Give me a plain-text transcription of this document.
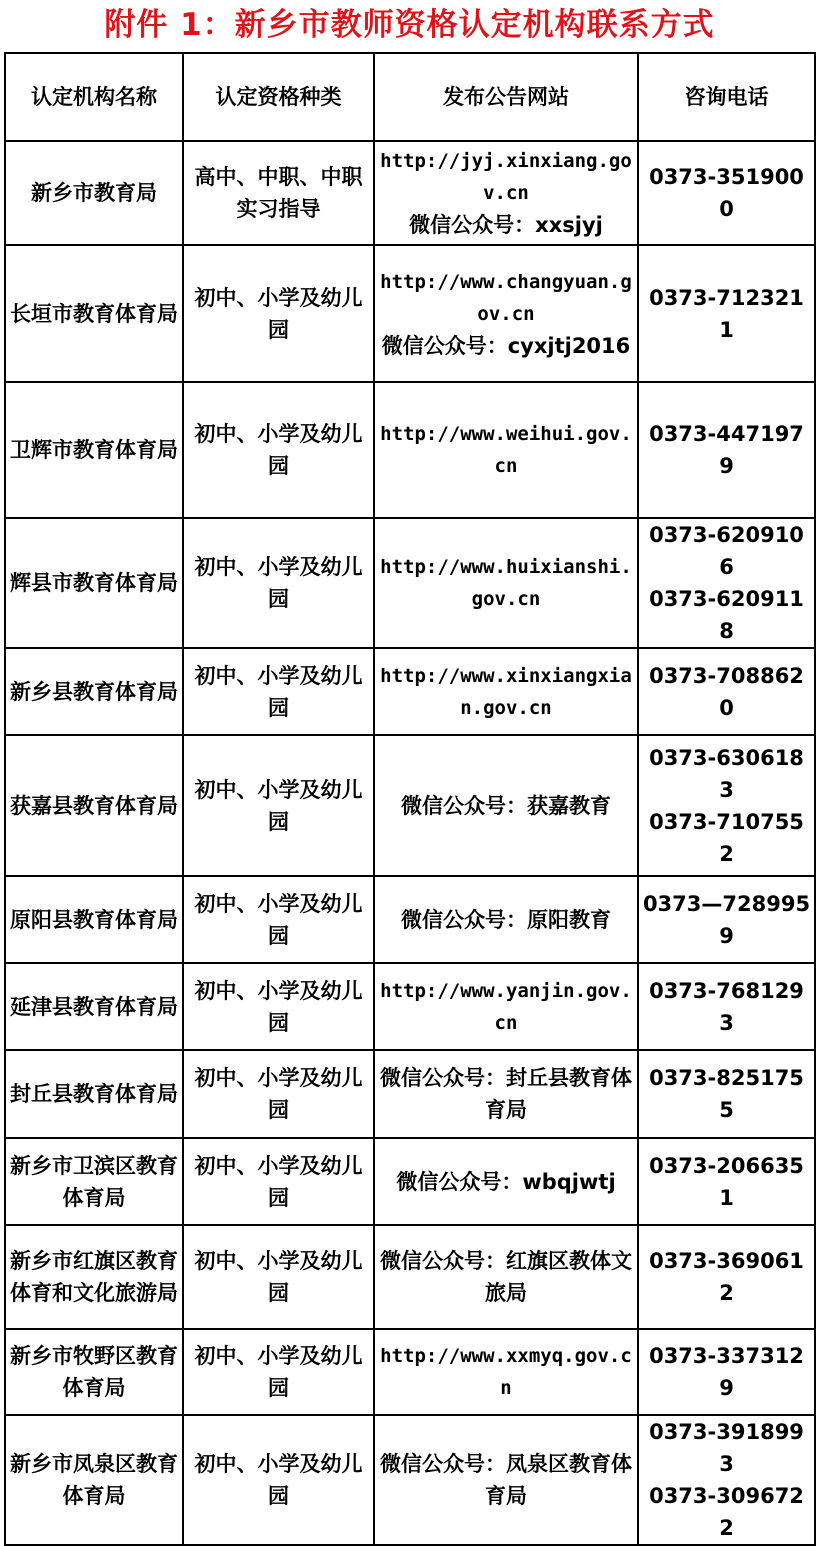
附件 1：新乡市教师资格认定机构联系方式
认定机构名称	认定资格种类	发布公告网站	咨询电话
新乡市教育局	高中、中职、中职实习指导	http://jyj.xinxiang.gov.cn
微信公众号：xxsjyj	0373-3519000

长垣市教育体育局	初中、小学及幼儿园	http://www.changyuan.gov.cn
微信公众号：cyxjtj2016	0373-7123211

卫辉市教育体育局	初中、小学及幼儿园	http://www.weihui.gov.cn	0373-4471979

辉县市教育体育局	初中、小学及幼儿园	http://www.huixianshi.gov.cn	0373-6209106
0373-6209118

新乡县教育体育局	初中、小学及幼儿园	http://www.xinxiangxian.gov.cn	0373-7088620

获嘉县教育体育局	初中、小学及幼儿园	微信公众号：获嘉教育	0373-6306183
0373-7107552

原阳县教育体育局	初中、小学及幼儿园	微信公众号：原阳教育	0373—7289959

延津县教育体育局	初中、小学及幼儿园	http://www.yanjin.gov.cn	0373-7681293

封丘县教育体育局	初中、小学及幼儿园	微信公众号：封丘县教育体育局	0373-8251755

新乡市卫滨区教育体育局	初中、小学及幼儿园	微信公众号：wbqjwtj	0373-2066351

新乡市红旗区教育体育和文化旅游局	初中、小学及幼儿园	微信公众号：红旗区教体文旅局	0373-3690612

新乡市牧野区教育体育局	初中、小学及幼儿园	http://www.xxmyq.gov.cn	0373-3373129

新乡市凤泉区教育体育局	初中、小学及幼儿园	微信公众号：凤泉区教育体育局	0373-3918993
0373-3096722
